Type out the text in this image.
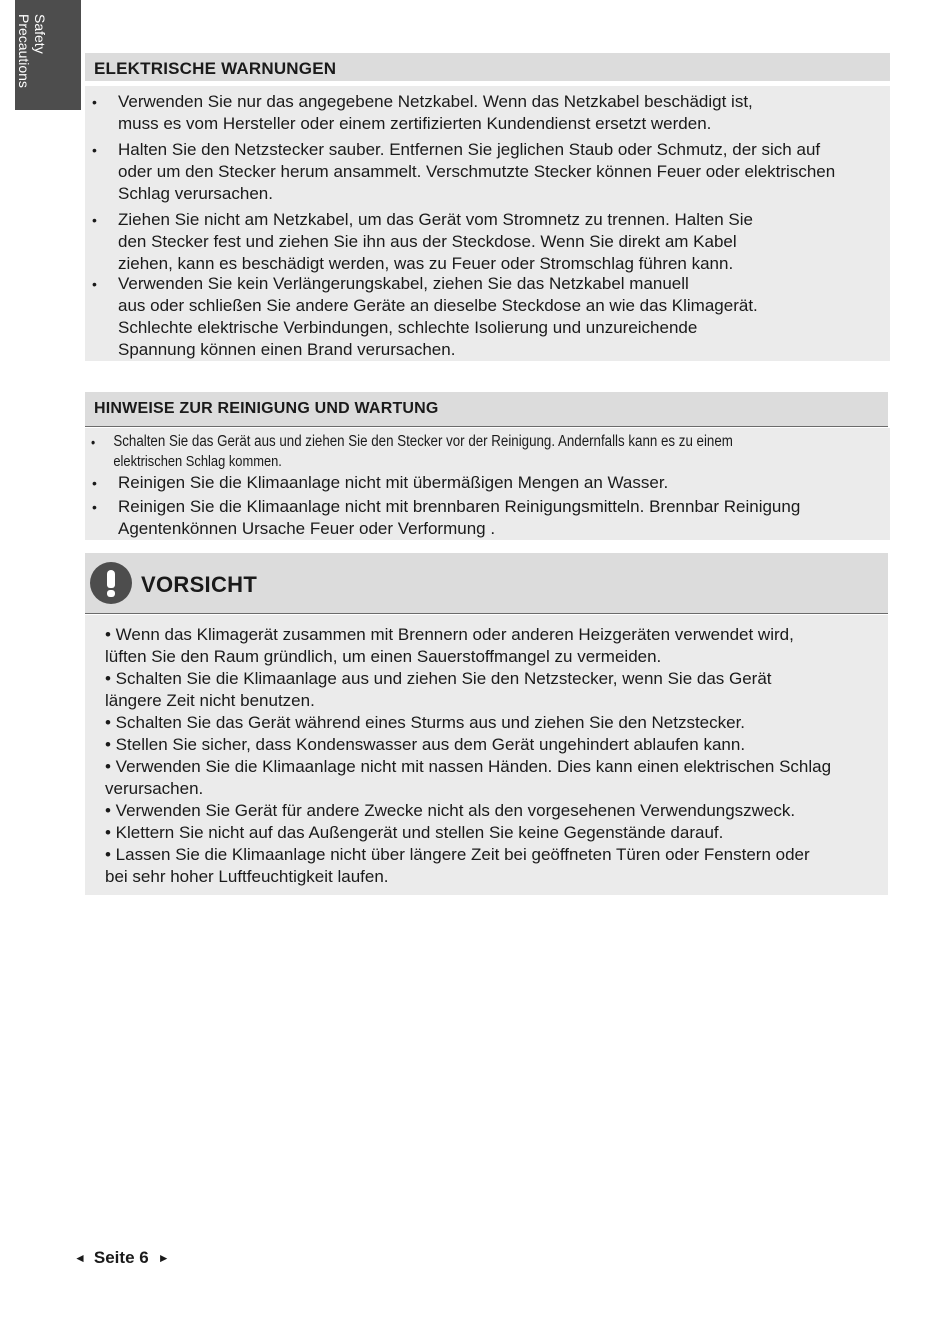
Safety
Precautions	ELEKTRISCHE WARNUNGEN
• Verwenden Sie nur das angegebene Netzkabel. Wenn das Netzkabel beschädigt ist,
muss es vom Hersteller oder einem zertifizierten Kundendienst ersetzt werden.
• Halten Sie den Netzstecker sauber. Entfernen Sie jeglichen Staub oder Schmutz, der sich auf
oder um den Stecker herum ansammelt. Verschmutzte Stecker können Feuer oder elektrischen
Schlag verursachen.
• Ziehen Sie nicht am Netzkabel, um das Gerät vom Stromnetz zu trennen. Halten Sie
den Stecker fest und ziehen Sie ihn aus der Steckdose. Wenn Sie direkt am Kabel
ziehen, kann es beschädigt werden, was zu Feuer oder Stromschlag führen kann.
• Verwenden Sie kein Verlängerungskabel, ziehen Sie das Netzkabel manuell
aus oder schließen Sie andere Geräte an dieselbe Steckdose an wie das Klimagerät.
Schlechte elektrische Verbindungen, schlechte Isolierung und unzureichende
Spannung können einen Brand verursachen.
HINWEISE ZUR REINIGUNG UND WARTUNG
• Schalten Sie das Gerät aus und ziehen Sie den Stecker vor der Reinigung. Andernfalls kann es zu einem
elektrischen Schlag kommen.
• Reinigen Sie die Klimaanlage nicht mit übermäßigen Mengen an Wasser.
• Reinigen Sie die Klimaanlage nicht mit brennbaren Reinigungsmitteln. Brennbar Reinigung
Agentenkönnen Ursache Feuer oder Verformung .
VORSICHT
• Wenn das Klimagerät zusammen mit Brennern oder anderen Heizgeräten verwendet wird,
lüften Sie den Raum gründlich, um einen Sauerstoffmangel zu vermeiden.
• Schalten Sie die Klimaanlage aus und ziehen Sie den Netzstecker, wenn Sie das Gerät
längere Zeit nicht benutzen.
• Schalten Sie das Gerät während eines Sturms aus und ziehen Sie den Netzstecker.
• Stellen Sie sicher, dass Kondenswasser aus dem Gerät ungehindert ablaufen kann.
• Verwenden Sie die Klimaanlage nicht mit nassen Händen. Dies kann einen elektrischen Schlag
verursachen.
• Verwenden Sie Gerät für andere Zwecke nicht als den vorgesehenen Verwendungszweck.
• Klettern Sie nicht auf das Außengerät und stellen Sie keine Gegenstände darauf.
• Lassen Sie die Klimaanlage nicht über längere Zeit bei geöffneten Türen oder Fenstern oder
bei sehr hoher Luftfeuchtigkeit laufen.
◄ Seite 6 ►
